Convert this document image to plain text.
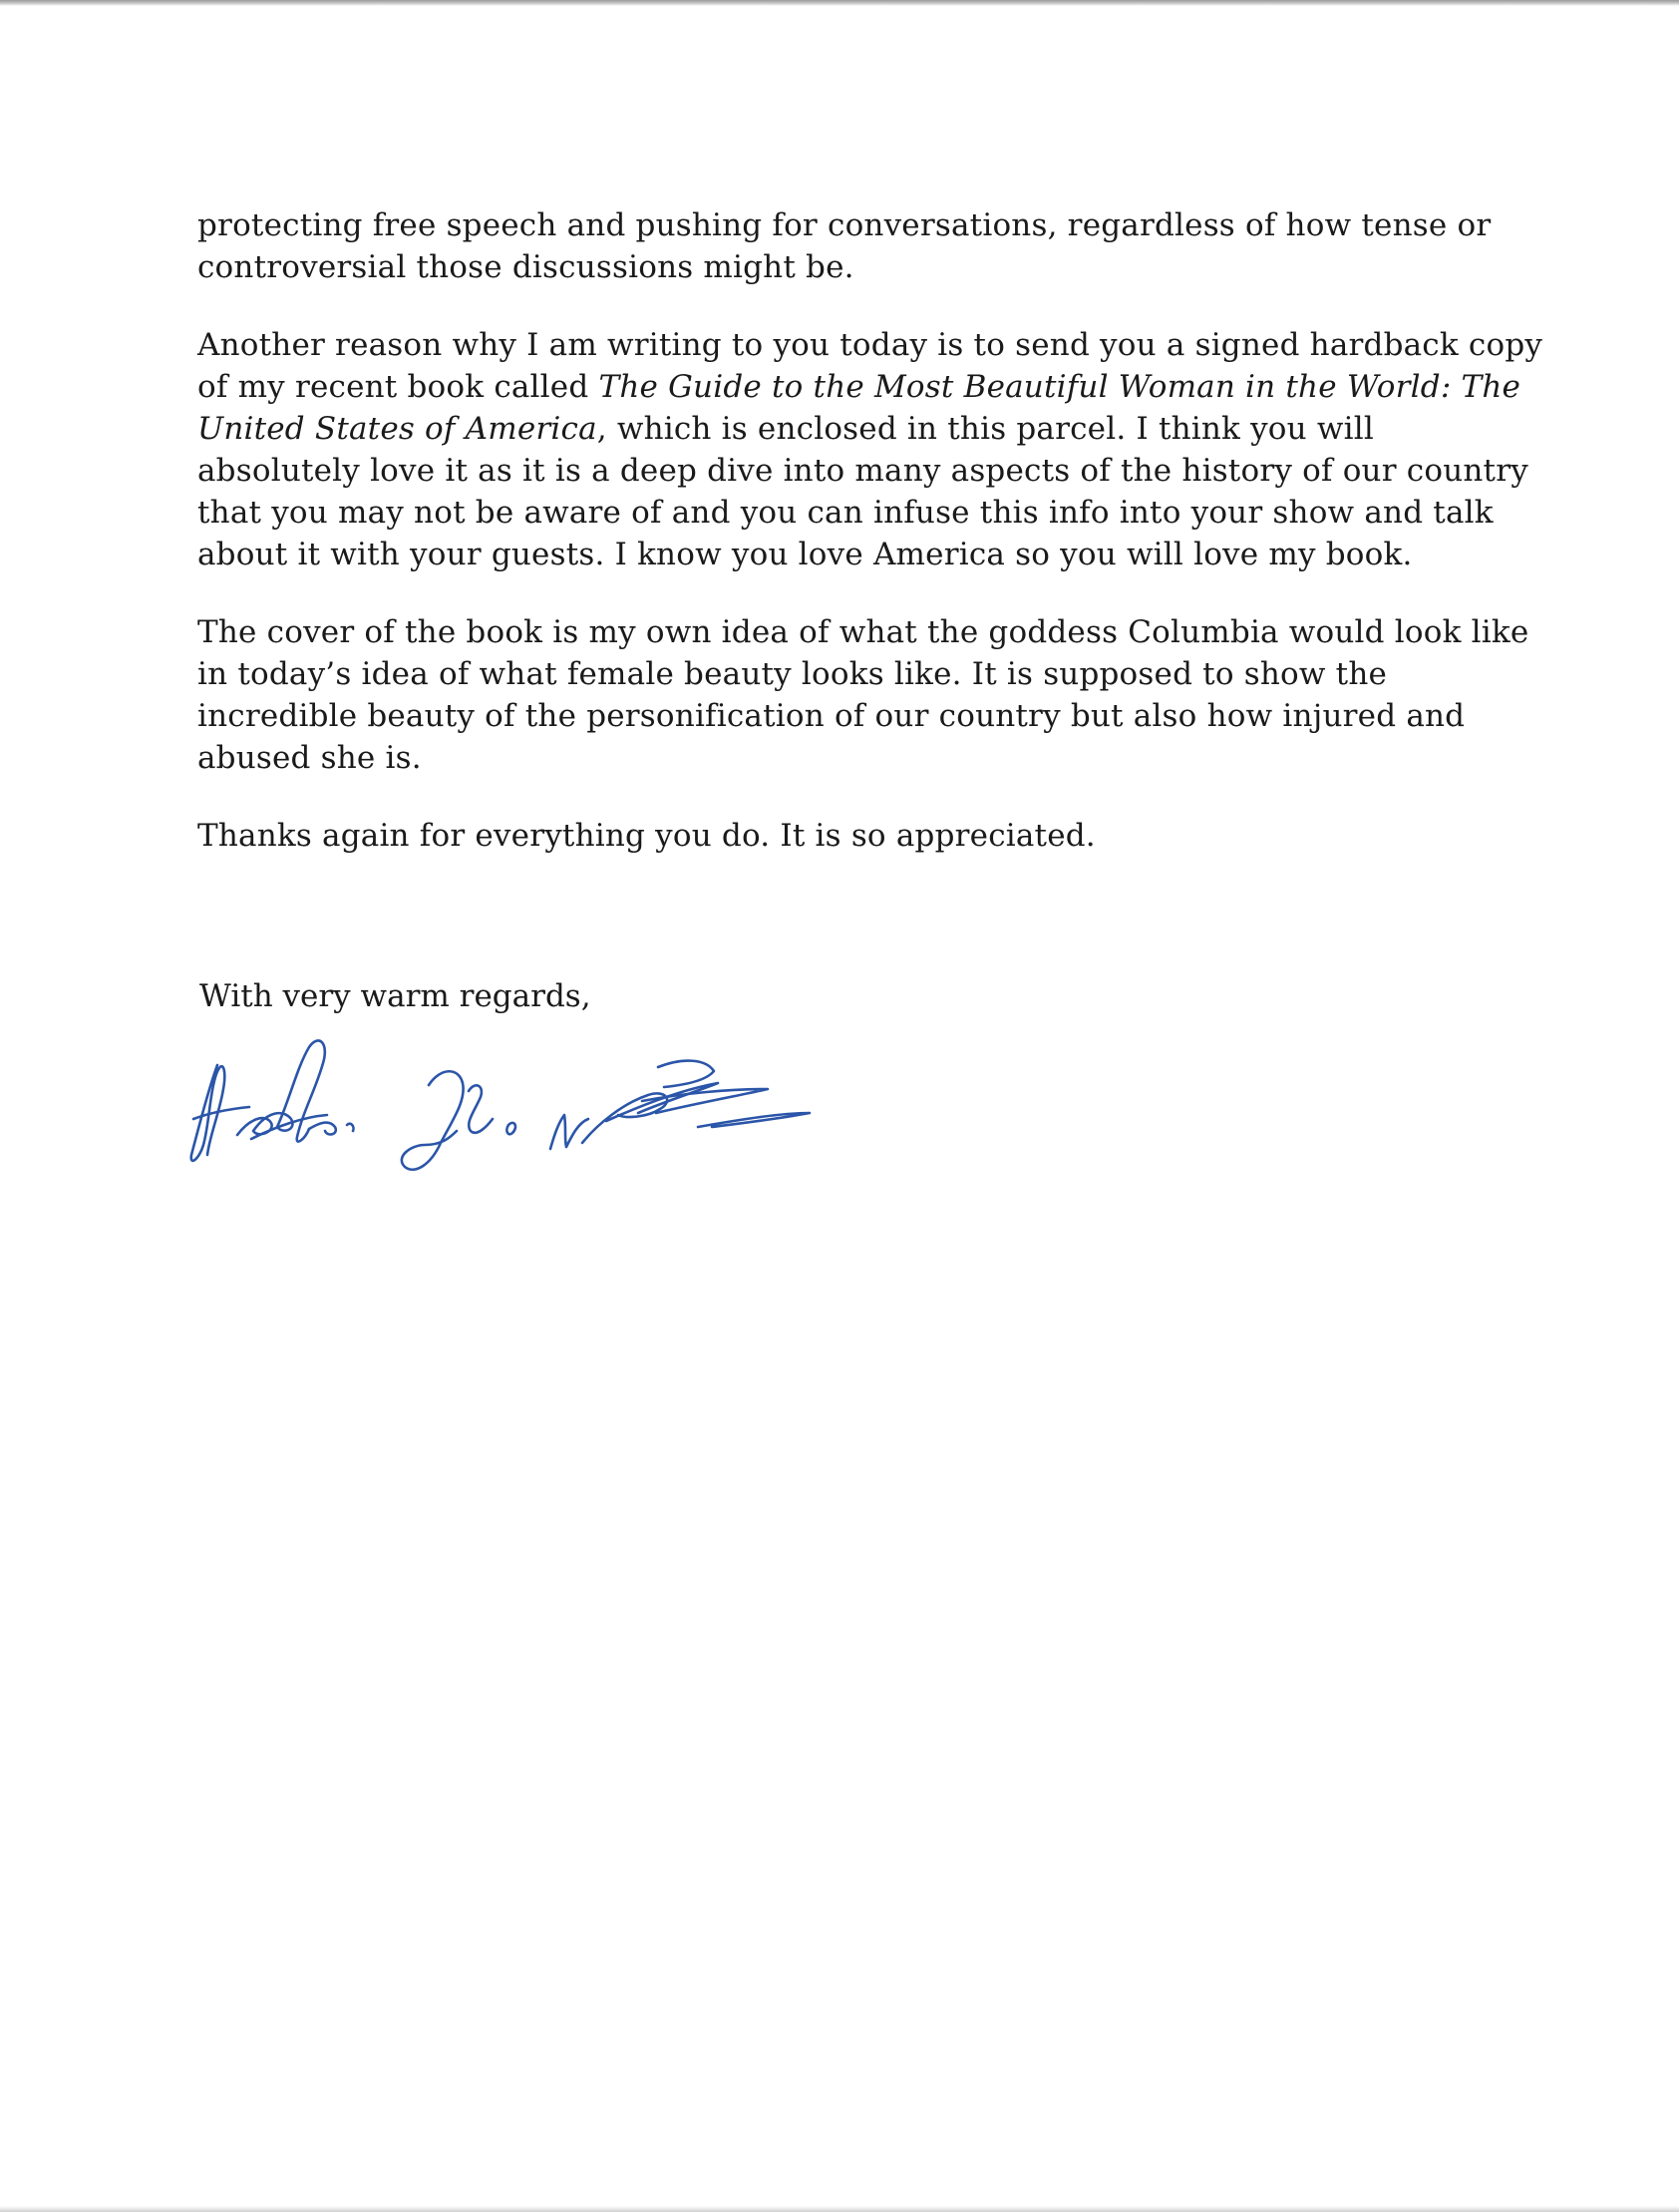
protecting free speech and pushing for conversations, regardless of how tense or
controversial those discussions might be.

Another reason why I am writing to you today is to send you a signed hardback copy
of my recent book called The Guide to the Most Beautiful Woman in the World: The
United States of America, which is enclosed in this parcel. I think you will
absolutely love it as it is a deep dive into many aspects of the history of our country
that you may not be aware of and you can infuse this info into your show and talk
about it with your guests. I know you love America so you will love my book.

The cover of the book is my own idea of what the goddess Columbia would look like
in today’s idea of what female beauty looks like. It is supposed to show the
incredible beauty of the personification of our country but also how injured and
abused she is.

Thanks again for everything you do. It is so appreciated.

With very warm regards,
